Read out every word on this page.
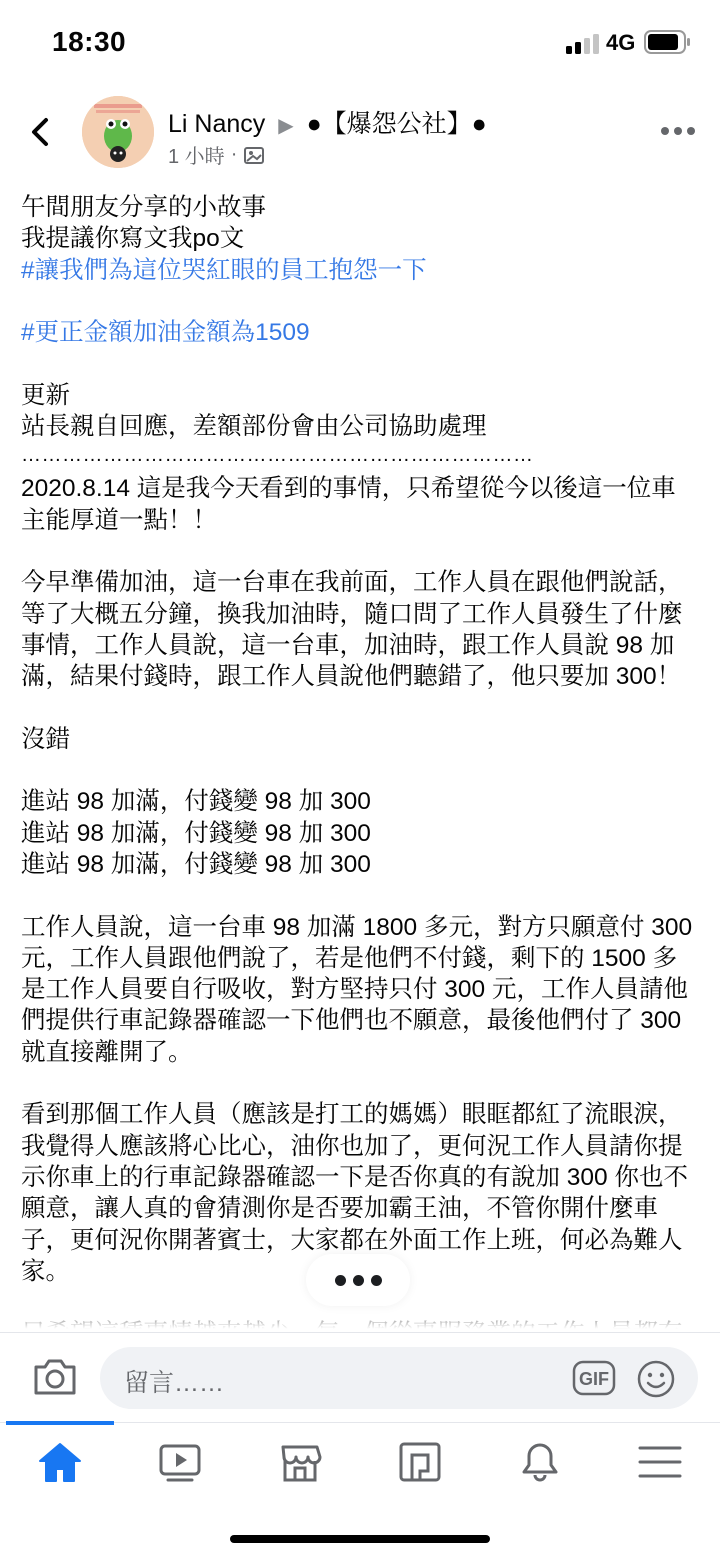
18:30	4G
Li Nancy ▶ ●【爆怨公社】●
1 小時 ·
午間朋友分享的小故事
我提議你寫文我po文
#讓我們為這位哭紅眼的員工抱怨一下
#更正金額加油金額為1509
更新
站長親自回應，差額部份會由公司協助處理
…………………………………………………………………
2020.8.14 這是我今天看到的事情，只希望從今以後這一位車
主能厚道一點！！
今早準備加油，這一台車在我前面，工作人員在跟他們說話，
等了大概五分鐘，換我加油時，隨口問了工作人員發生了什麼
事情，工作人員說，這一台車，加油時，跟工作人員說 98 加
滿，結果付錢時，跟工作人員說他們聽錯了，他只要加 300！
沒錯
進站 98 加滿，付錢變 98 加 300
進站 98 加滿，付錢變 98 加 300
進站 98 加滿，付錢變 98 加 300
工作人員說，這一台車 98 加滿 1800 多元，對方只願意付 300
元，工作人員跟他們說了，若是他們不付錢，剩下的 1500 多
是工作人員要自行吸收，對方堅持只付 300 元，工作人員請他
們提供行車記錄器確認一下他們也不願意，最後他們付了 300
就直接離開了。
看到那個工作人員（應該是打工的媽媽）眼眶都紅了流眼淚，
我覺得人應該將心比心，油你也加了，更何況工作人員請你提
示你車上的行車記錄器確認一下是否你真的有說加 300 你也不
願意，讓人真的會猜測你是否要加霸王油，不管你開什麼車
子，更何況你開著賓士，大家都在外面工作上班，何必為難人
家。
留言……	GIF
